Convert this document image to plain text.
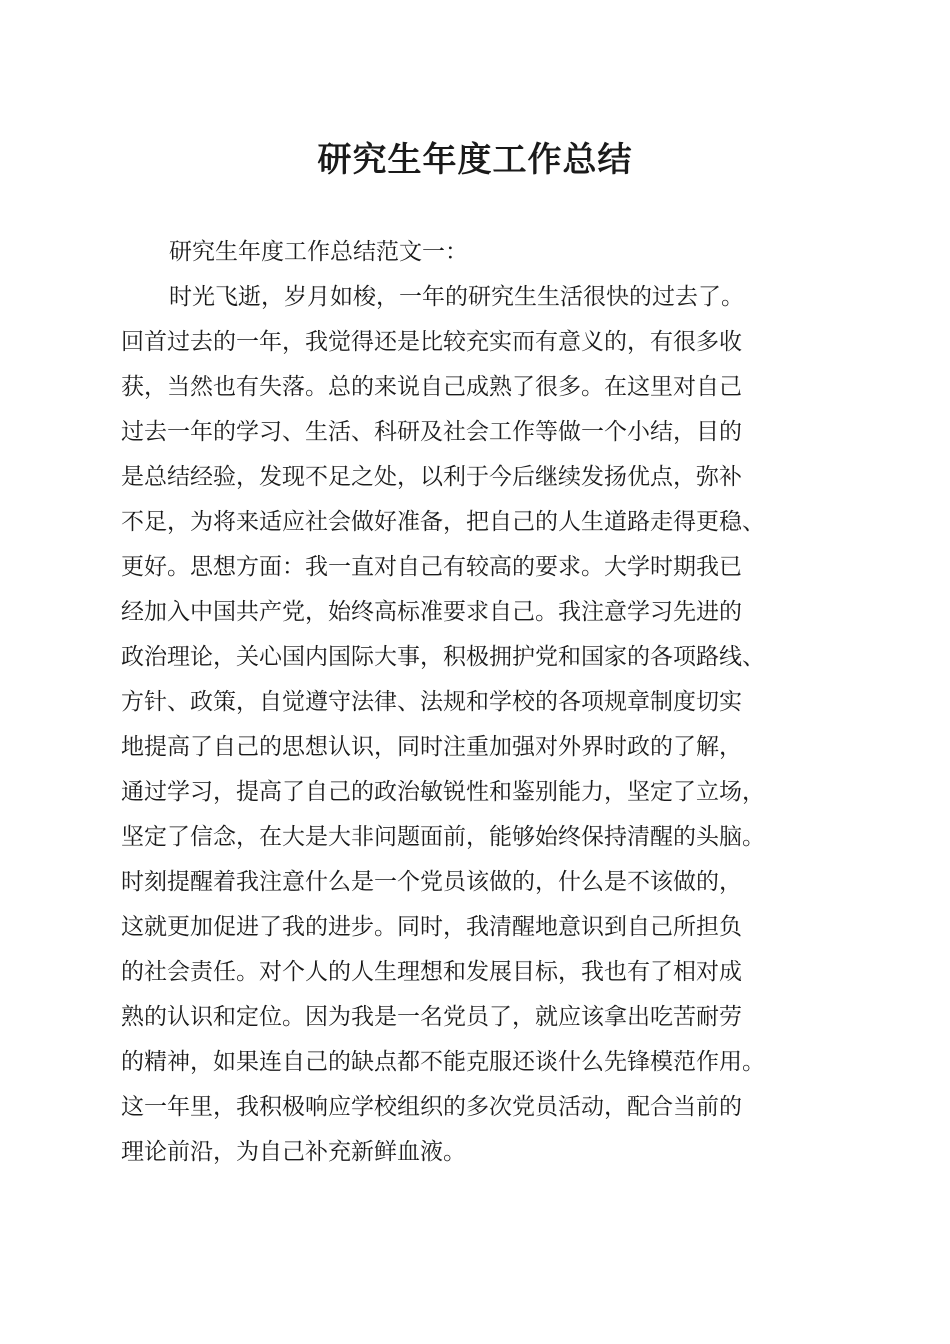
研究生年度工作总结
研究生年度工作总结范文一：
时光飞逝，岁月如梭，一年的研究生生活很快的过去了。
回首过去的一年，我觉得还是比较充实而有意义的，有很多收
获，当然也有失落。总的来说自己成熟了很多。在这里对自己
过去一年的学习、生活、科研及社会工作等做一个小结，目的
是总结经验，发现不足之处，以利于今后继续发扬优点，弥补
不足，为将来适应社会做好准备，把自己的人生道路走得更稳、
更好。思想方面：我一直对自己有较高的要求。大学时期我已
经加入中国共产党，始终高标准要求自己。我注意学习先进的
政治理论，关心国内国际大事，积极拥护党和国家的各项路线、
方针、政策，自觉遵守法律、法规和学校的各项规章制度切实
地提高了自己的思想认识，同时注重加强对外界时政的了解，
通过学习，提高了自己的政治敏锐性和鉴别能力，坚定了立场，
坚定了信念，在大是大非问题面前，能够始终保持清醒的头脑。
时刻提醒着我注意什么是一个党员该做的，什么是不该做的，
这就更加促进了我的进步。同时，我清醒地意识到自己所担负
的社会责任。对个人的人生理想和发展目标，我也有了相对成
熟的认识和定位。因为我是一名党员了，就应该拿出吃苦耐劳
的精神，如果连自己的缺点都不能克服还谈什么先锋模范作用。
这一年里，我积极响应学校组织的多次党员活动，配合当前的
理论前沿，为自己补充新鲜血液。
